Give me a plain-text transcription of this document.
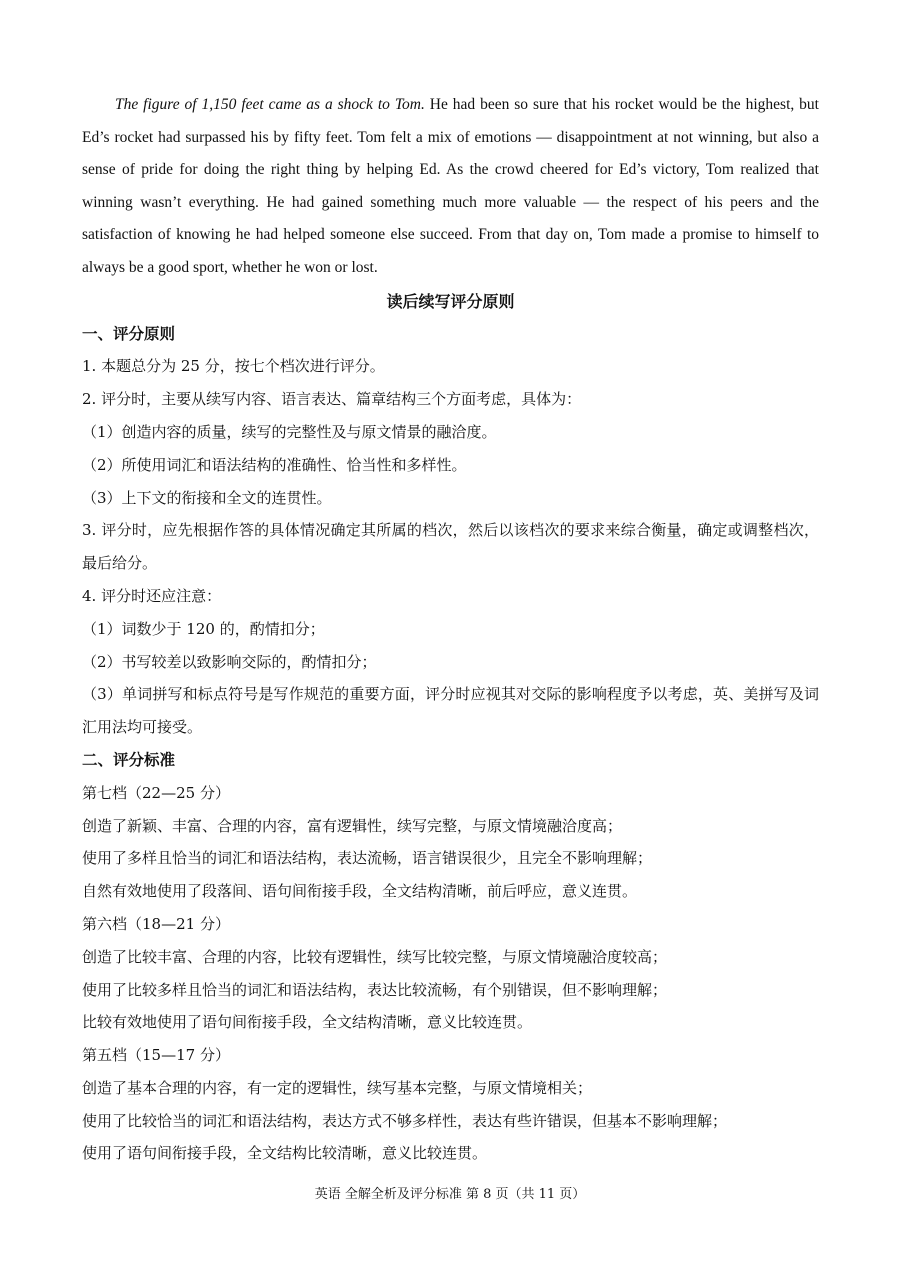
The figure of 1,150 feet came as a shock to Tom. He had been so sure that his rocket would be the highest, but Ed’s rocket had surpassed his by fifty feet. Tom felt a mix of emotions — disappointment at not winning, but also a sense of pride for doing the right thing by helping Ed. As the crowd cheered for Ed’s victory, Tom realized that winning wasn’t everything. He had gained something much more valuable — the respect of his peers and the satisfaction of knowing he had helped someone else succeed. From that day on, Tom made a promise to himself to always be a good sport, whether he won or lost.

读后续写评分原则

一、评分原则

1. 本题总分为 25 分，按七个档次进行评分。

2. 评分时，主要从续写内容、语言表达、篇章结构三个方面考虑，具体为：

（1）创造内容的质量，续写的完整性及与原文情景的融洽度。

（2）所使用词汇和语法结构的准确性、恰当性和多样性。

（3）上下文的衔接和全文的连贯性。

3. 评分时，应先根据作答的具体情况确定其所属的档次，然后以该档次的要求来综合衡量，确定或调整档次，最后给分。

4. 评分时还应注意：

（1）词数少于 120 的，酌情扣分；

（2）书写较差以致影响交际的，酌情扣分；

（3）单词拼写和标点符号是写作规范的重要方面，评分时应视其对交际的影响程度予以考虑，英、美拼写及词汇用法均可接受。

二、评分标准

第七档（22—25 分）

创造了新颖、丰富、合理的内容，富有逻辑性，续写完整，与原文情境融洽度高；

使用了多样且恰当的词汇和语法结构，表达流畅，语言错误很少，且完全不影响理解；

自然有效地使用了段落间、语句间衔接手段，全文结构清晰，前后呼应，意义连贯。

第六档（18—21 分）

创造了比较丰富、合理的内容，比较有逻辑性，续写比较完整，与原文情境融洽度较高；

使用了比较多样且恰当的词汇和语法结构，表达比较流畅，有个别错误，但不影响理解；

比较有效地使用了语句间衔接手段，全文结构清晰，意义比较连贯。

第五档（15—17 分）

创造了基本合理的内容，有一定的逻辑性，续写基本完整，与原文情境相关；

使用了比较恰当的词汇和语法结构，表达方式不够多样性，表达有些许错误，但基本不影响理解；

使用了语句间衔接手段，全文结构比较清晰，意义比较连贯。

英语 全解全析及评分标准 第 8 页（共 11 页）
